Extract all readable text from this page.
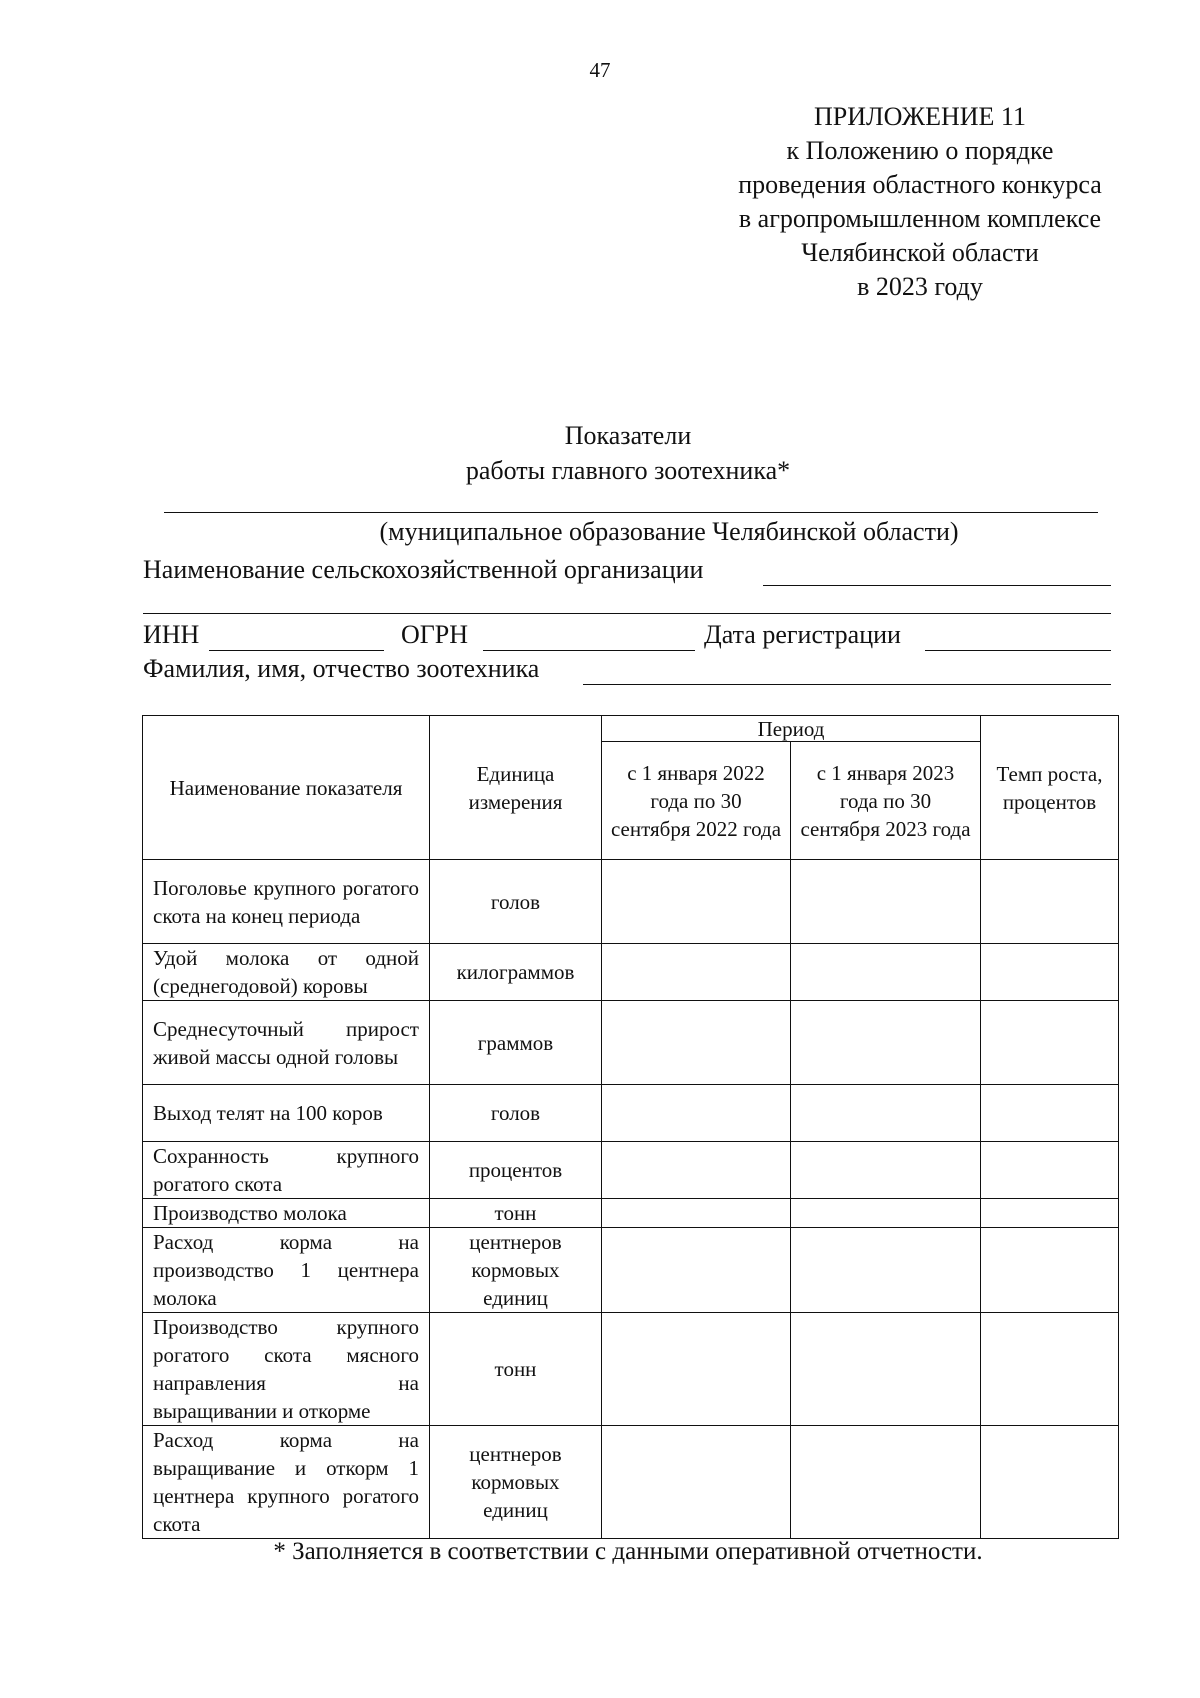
47
ПРИЛОЖЕНИЕ 11
к Положению о порядке
проведения областного конкурса
в агропромышленном комплексе
Челябинской области
в 2023 году
Показатели
работы главного зоотехника*
(муниципальное образование Челябинской области)
Наименование сельскохозяйственной организации
ИНН	ОГРН	Дата регистрации
Фамилия, имя, отчество зоотехника
Наименование показателя	Единица измерения	Период		Темп роста, процентов
		с 1 января 2022 года по 30 сентября 2022 года	с 1 января 2023 года по 30 сентября 2023 года	
Поголовье крупного рогатого скота на конец периода	голов			
Удой молока от одной (среднегодовой) коровы	килограммов			
Среднесуточный прирост живой массы одной головы	граммов			
Выход телят на 100 коров	голов			
Сохранность крупного рогатого скота	процентов			
Производство молока	тонн			
Расход корма на производство 1 центнера молока	центнеров кормовых единиц			
Производство крупного рогатого скота мясного направления на выращивании и откорме	тонн			
Расход корма на выращивание и откорм 1 центнера крупного рогатого скота	центнеров кормовых единиц			
* Заполняется в соответствии с данными оперативной отчетности.
